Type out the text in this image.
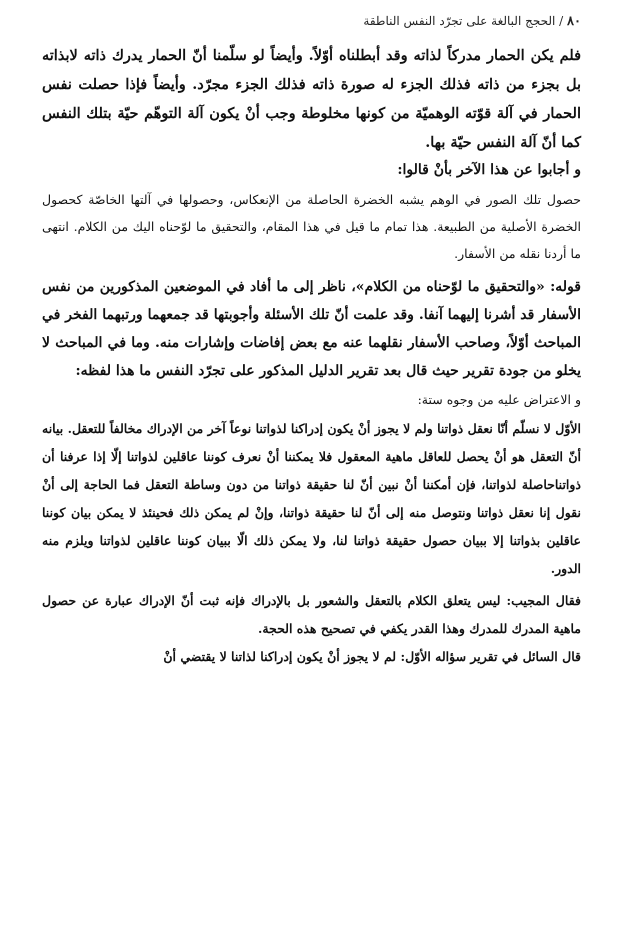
٨٠ / الحجج البالغة على تجرّد النفس الناطقة

فلم يكن الحمار مدركاً لذاته وقد أبطلناه أوّلاً. وأيضاً لو سلّمنا أنّ الحمار يدرك ذاته لابذاته بل بجزء من ذاته فذلك الجزء له صورة ذاته فذلك الجزء مجرّد. وأيضاً فإذا حصلت نفس الحمار في آلة قوّته الوهميّة من كونها مخلوطة وجب أنْ يكون آلة التوهّم حيّة بتلك النفس كما أنّ آلة النفس حيّة بها.

و أجابوا عن هذا الآخر بأنْ قالوا:

حصول تلك الصور في الوهم يشبه الخضرة الحاصلة من الإنعكاس، وحصولها في آلتها الخاصّة كحصول الخضرة الأصلية من الطبيعة. هذا تمام ما قيل في هذا المقام، والتحقيق ما لوّحناه اليك من الكلام. انتهى ما أردنا نقله من الأسفار.

قوله: «والتحقيق ما لوّحناه من الكلام»، ناظر إلى ما أفاد في الموضعين المذكورين من نفس الأسفار قد أشرنا إليهما آنفا. وقد علمت أنّ تلك الأسئلة وأجوبتها قد جمعهما ورتبهما الفخر في المباحث أوّلاً، وصاحب الأسفار نقلهما عنه مع بعض إفاضات وإشارات منه. وما في المباحث لا يخلو من جودة تقرير حيث قال بعد تقرير الدليل المذكور على تجرّد النفس ما هذا لفظه:

و الاعتراض عليه من وجوه ستة:

الأوّل لا نسلّم أنّا نعقل ذواتنا ولم لا يجوز أنْ يكون إدراكنا لذواتنا نوعاً آخر من الإدراك مخالفاً للتعقل. بيانه أنّ التعقل هو أنْ يحصل للعاقل ماهية المعقول فلا يمكننا أنْ نعرف كوننا عاقلين لذواتنا إلّا إذا عرفنا أن ذواتناحاصلة لذواتنا، فإن أمكننا أنْ نبين أنّ لنا حقيقة ذواتنا من دون وساطة التعقل فما الحاجة إلى أنْ نقول إنا نعقل ذواتنا ونتوصل منه إلى أنّ لنا حقيقة ذواتنا، وإنْ لم يمكن ذلك فحينئذ لا يمكن بيان كوننا عاقلين بذواتنا إلا ببيان حصول حقيقة ذواتنا لنا، ولا يمكن ذلك الّا ببيان كوننا عاقلين لذواتنا ويلزم منه الدور.

فقال المجيب: ليس يتعلق الكلام بالتعقل والشعور بل بالإدراك فإنه ثبت أنّ الإدراك عبارة عن حصول ماهية المدرك للمدرك وهذا القدر يكفي في تصحيح هذه الحجة.

قال السائل في تقرير سؤاله الأوّل: لم لا يجوز أنْ يكون إدراكنا لذاتنا لا يقتضي أنْ
